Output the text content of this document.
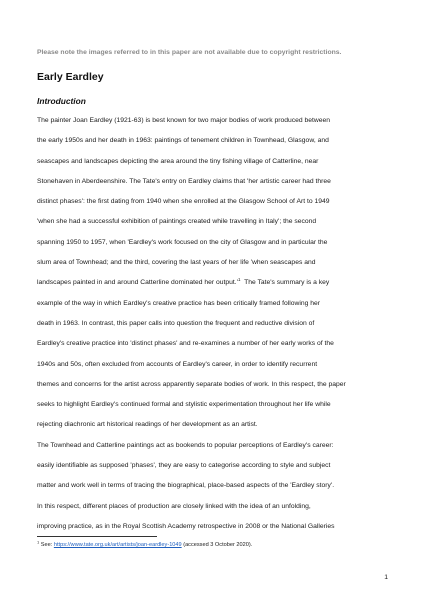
Please note the images referred to in this paper are not available due to copyright restrictions.
Early Eardley
Introduction
The painter Joan Eardley (1921-63) is best known for two major bodies of work produced between
the early 1950s and her death in 1963: paintings of tenement children in Townhead, Glasgow, and
seascapes and landscapes depicting the area around the tiny fishing village of Catterline, near
Stonehaven in Aberdeenshire. The Tate's entry on Eardley claims that 'her artistic career had three
distinct phases': the first dating from 1940 when she enrolled at the Glasgow School of Art to 1949
'when she had a successful exhibition of paintings created while travelling in Italy'; the second
spanning 1950 to 1957, when 'Eardley's work focused on the city of Glasgow and in particular the
slum area of Townhead; and the third, covering the last years of her life 'when seascapes and
landscapes painted in and around Catterline dominated her $output.'^1$ The Tate's summary is a key
example of the way in which Eardley's creative practice has been critically framed following her
death in 1963. In contrast, this paper calls into question the frequent and reductive division of
Eardley's creative practice into 'distinct phases' and re-examines a number of her early works of the
1940s and 50s, often excluded from accounts of Eardley's career, in order to identify recurrent
themes and concerns for the artist across apparently separate bodies of work. In this respect, the paper
seeks to highlight Eardley's continued formal and stylistic experimentation throughout her life while
rejecting diachronic art historical readings of her development as an artist.
The Townhead and Catterline paintings act as bookends to popular perceptions of Eardley's career:
easily identifiable as supposed 'phases', they are easy to categorise according to style and subject
matter and work well in terms of tracing the biographical, place-based aspects of the 'Eardley story'.
In this respect, different places of production are closely linked with the idea of an unfolding,
improving practice, as in the Royal Scottish Academy retrospective in 2008 or the National Galleries
$^1$ See: https://www.tate.org.uk/art/artists/joan-eardley-1049 (accessed 3 October 2020).
1
